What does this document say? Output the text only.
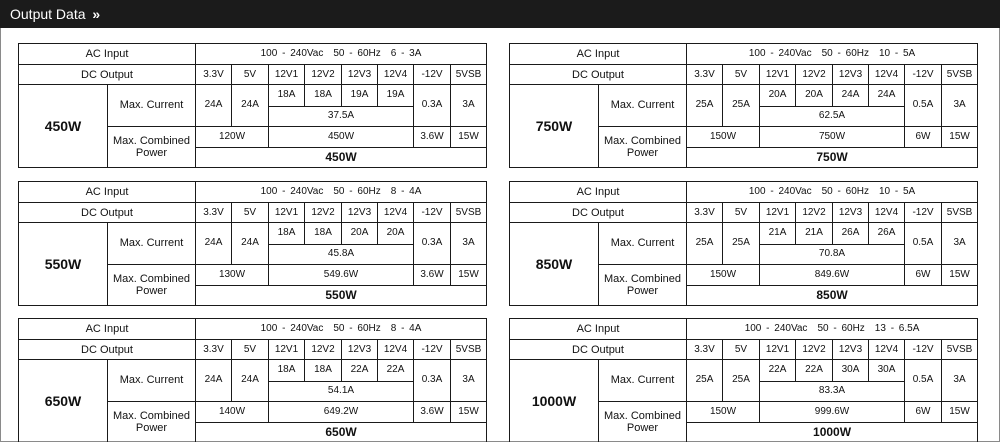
Output Data »
AC Input		100 - 240Vac 50 - 60Hz 6 - 3A							
DC Output		3.3V	5V	12V1	12V2	12V3	12V4	-12V	5VSB
450W	Max. Current	24A	24A	18A	18A	19A	19A	0.3A	3A
				37.5A					
	Max. Combined Power	120W		450W				3.6W	15W
		450W							
AC Input		100 - 240Vac 50 - 60Hz 10 - 5A							
DC Output		3.3V	5V	12V1	12V2	12V3	12V4	-12V	5VSB
750W	Max. Current	25A	25A	20A	20A	24A	24A	0.5A	3A
				62.5A					
	Max. Combined Power	150W		750W				6W	15W
		750W							
AC Input		100 - 240Vac 50 - 60Hz 8 - 4A							
DC Output		3.3V	5V	12V1	12V2	12V3	12V4	-12V	5VSB
550W	Max. Current	24A	24A	18A	18A	20A	20A	0.3A	3A
				45.8A					
	Max. Combined Power	130W		549.6W				3.6W	15W
		550W							
AC Input		100 - 240Vac 50 - 60Hz 10 - 5A							
DC Output		3.3V	5V	12V1	12V2	12V3	12V4	-12V	5VSB
850W	Max. Current	25A	25A	21A	21A	26A	26A	0.5A	3A
				70.8A					
	Max. Combined Power	150W		849.6W				6W	15W
		850W							
AC Input		100 - 240Vac 50 - 60Hz 8 - 4A							
DC Output		3.3V	5V	12V1	12V2	12V3	12V4	-12V	5VSB
650W	Max. Current	24A	24A	18A	18A	22A	22A	0.3A	3A
				54.1A					
	Max. Combined Power	140W		649.2W				3.6W	15W
		650W							
AC Input		100 - 240Vac 50 - 60Hz 13 - 6.5A							
DC Output		3.3V	5V	12V1	12V2	12V3	12V4	-12V	5VSB
1000W	Max. Current	25A	25A	22A	22A	30A	30A	0.5A	3A
				83.3A					
	Max. Combined Power	150W		999.6W				6W	15W
		1000W							
